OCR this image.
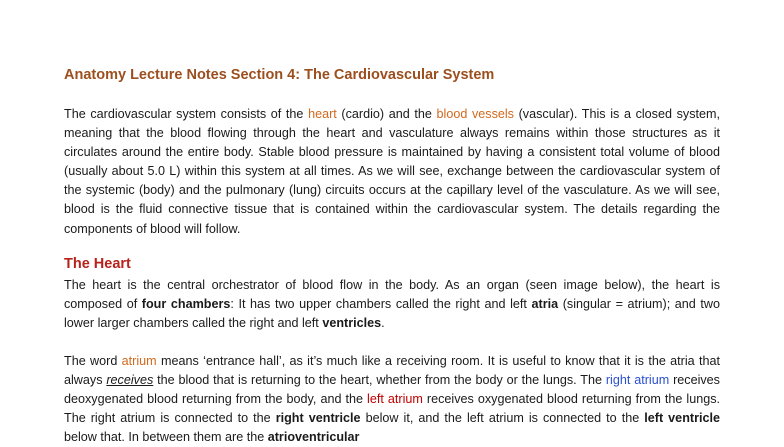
Anatomy Lecture Notes Section 4: The Cardiovascular System

The cardiovascular system consists of the heart (cardio) and the blood vessels (vascular). This is a closed system, meaning that the blood flowing through the heart and vasculature always remains within those structures as it circulates around the entire body. Stable blood pressure is maintained by having a consistent total volume of blood (usually about 5.0 L) within this system at all times. As we will see, exchange between the cardiovascular system of the systemic (body) and the pulmonary (lung) circuits occurs at the capillary level of the vasculature. As we will see, blood is the fluid connective tissue that is contained within the cardiovascular system. The details regarding the components of blood will follow.

The Heart

The heart is the central orchestrator of blood flow in the body. As an organ (seen image below), the heart is composed of four chambers: It has two upper chambers called the right and left atria (singular = atrium); and two lower larger chambers called the right and left ventricles.

The word atrium means ‘entrance hall’, as it’s much like a receiving room. It is useful to know that it is the atria that always receives the blood that is returning to the heart, whether from the body or the lungs. The right atrium receives deoxygenated blood returning from the body, and the left atrium receives oxygenated blood returning from the lungs. The right atrium is connected to the right ventricle below it, and the left atrium is connected to the left ventricle below that. In between them are the atrioventricular
